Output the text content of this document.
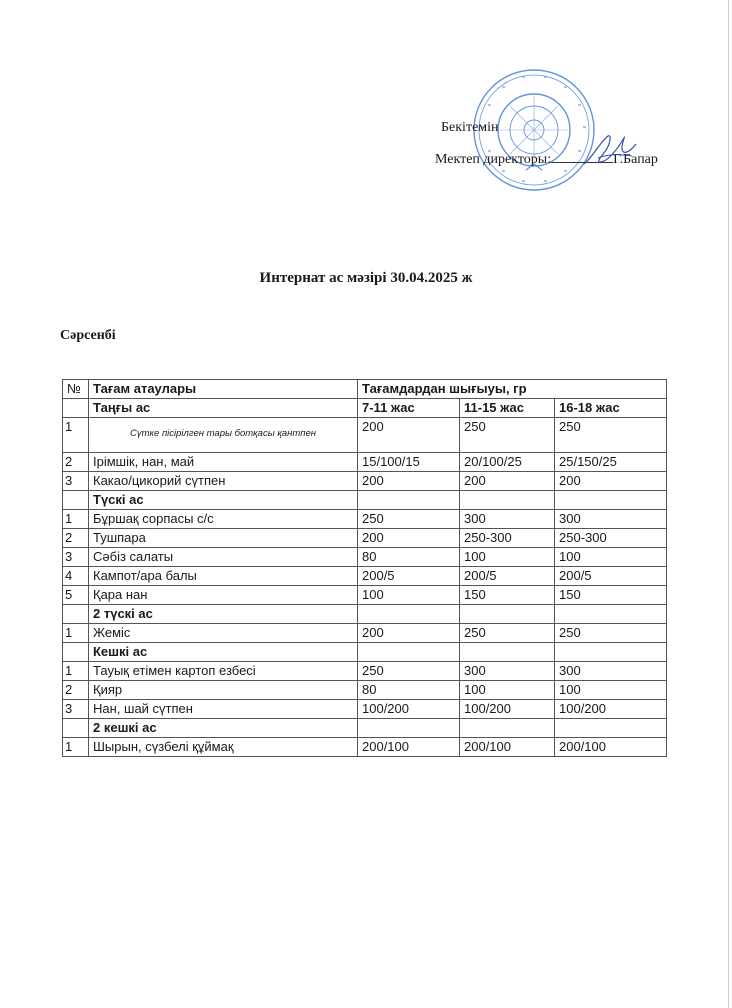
Бекітемін
Мектеп директоры:	Г.Бапар
Интернат ас мәзірі 30.04.2025 ж
Сәрсенбі
№	Тағам атаулары	Тағамдардан шығыуы, гр		
	Таңғы ас	7-11 жас	11-15 жас	16-18 жас
1	Сүтке пісірілген тары ботқасы қантпен	200	250	250
2	Ірімшік, нан, май	15/100/15	20/100/25	25/150/25
3	Какао/цикорий сүтпен	200	200	200
	Түскі ас			
1	Бұршақ сорпасы с/с	250	300	300
2	Тушпара	200	250-300	250-300
3	Сәбіз салаты	80	100	100
4	Кампот/ара балы	200/5	200/5	200/5
5	Қара нан	100	150	150
	2 түскі ас			
1	Жеміс	200	250	250
	Кешкі ас			
1	Тауық етімен картоп езбесі	250	300	300
2	Қияр	80	100	100
3	Нан, шай сүтпен	100/200	100/200	100/200
	2 кешкі ас			
1	Шырын, сүзбелі құймақ	200/100	200/100	200/100
